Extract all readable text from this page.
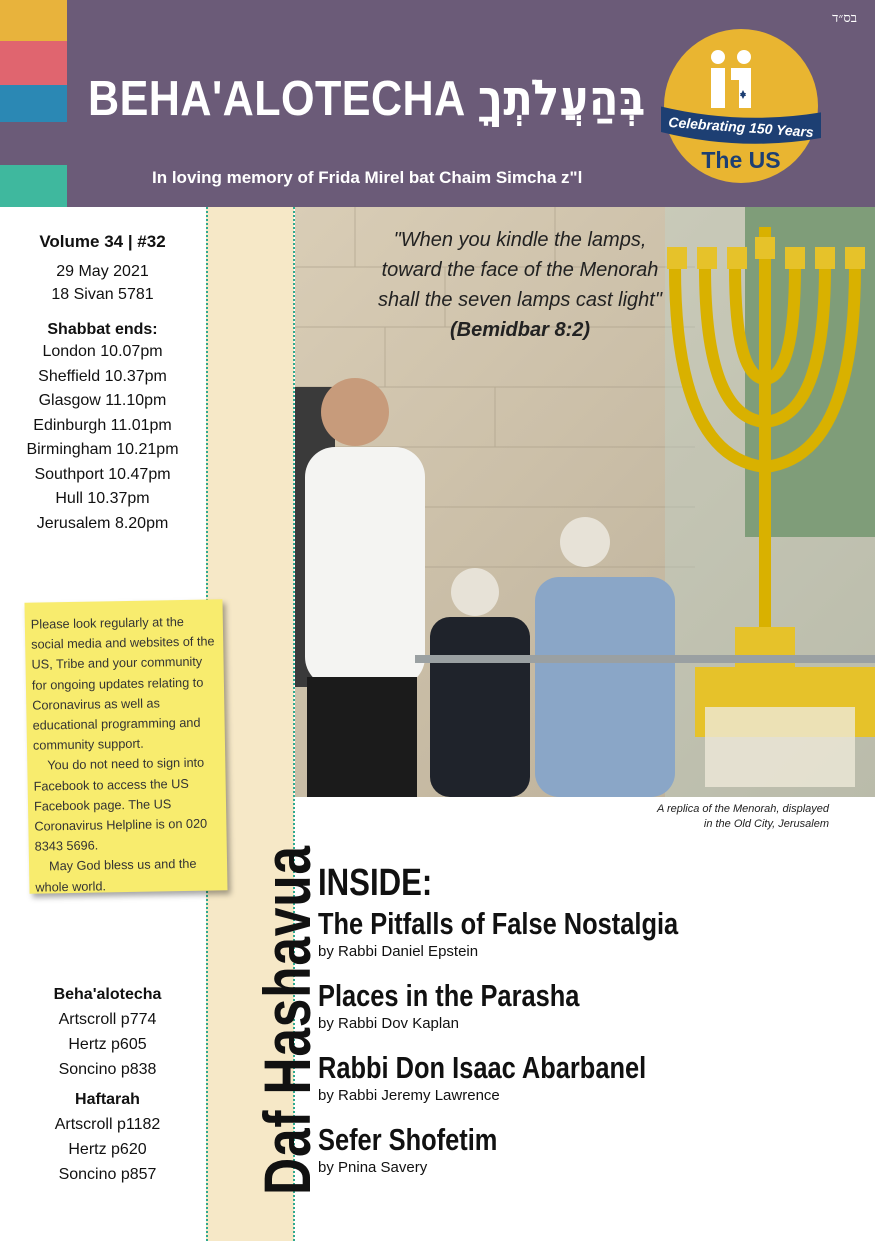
בס״ד
BEHA'ALOTECHA בְּהַעֲלֹתְךָ
In loving memory of Frida Mirel bat Chaim Simcha z"l
Celebrating 150 Years
The US
Volume 34 | #32
29 May 2021
18 Sivan 5781
Shabbat ends:
London 10.07pm
Sheffield 10.37pm
Glasgow 11.10pm
Edinburgh 11.01pm
Birmingham 10.21pm
Southport 10.47pm
Hull 10.37pm
Jerusalem 8.20pm
Daf Hashavua

Please look regularly at the social media and websites of the US, Tribe and your community for ongoing updates relating to Coronavirus as well as educational programming and community support.

You do not need to sign into Facebook to access the US Facebook page. The US Coronavirus Helpline is on 020 8343 5696.

May God bless us and the whole world.

Beha'alotecha
Artscroll p774
Hertz p605
Soncino p838
Haftarah
Artscroll p1182
Hertz p620
Soncino p857
"When you kindle the lamps, toward the face of the Menorah shall the seven lamps cast light"
(Bemidbar 8:2)
A replica of the Menorah, displayed
in the Old City, Jerusalem
INSIDE:
The Pitfalls of False Nostalgia
by Rabbi Daniel Epstein
Places in the Parasha
by Rabbi Dov Kaplan
Rabbi Don Isaac Abarbanel
by Rabbi Jeremy Lawrence
Sefer Shofetim
by Pnina Savery
